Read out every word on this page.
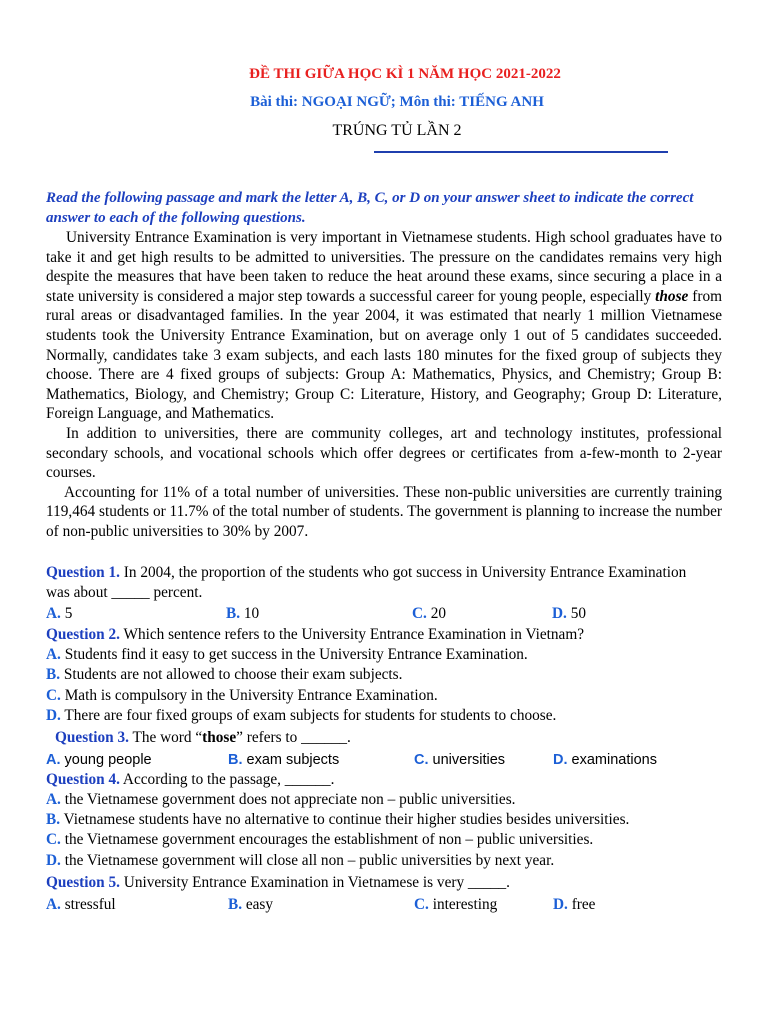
ĐỀ THI GIỮA HỌC KÌ 1 NĂM HỌC 2021-2022
Bài thi: NGOẠI NGỮ; Môn thi: TIẾNG ANH
TRÚNG TỦ LẦN 2
Read the following passage and mark the letter A, B, C, or D on your answer sheet to indicate the correct answer to each of the following questions.

University Entrance Examination is very important in Vietnamese students. High school graduates have to take it and get high results to be admitted to universities. The pressure on the candidates remains very high despite the measures that have been taken to reduce the heat around these exams, since securing a place in a state university is considered a major step towards a successful career for young people, especially those from rural areas or disadvantaged families. In the year 2004, it was estimated that nearly 1 million Vietnamese students took the University Entrance Examination, but on average only 1 out of 5 candidates succeeded. Normally, candidates take 3 exam subjects, and each lasts 180 minutes for the fixed group of subjects they choose. There are 4 fixed groups of subjects: Group A: Mathematics, Physics, and Chemistry; Group B: Mathematics, Biology, and Chemistry; Group C: Literature, History, and Geography; Group D: Literature, Foreign Language, and Mathematics.

In addition to universities, there are community colleges, art and technology institutes, professional secondary schools, and vocational schools which offer degrees or certificates from a-few-month to 2-year courses.

Accounting for 11% of a total number of universities. These non-public universities are currently training 119,464 students or 11.7% of the total number of students. The government is planning to increase the number of non-public universities to 30% by 2007.

Question 1. In 2004, the proportion of the students who got success in University Entrance Examination
was about _____ percent.
A. 5	B. 10	C. 20	D. 50
Question 2. Which sentence refers to the University Entrance Examination in Vietnam?
A. Students find it easy to get success in the University Entrance Examination.
B. Students are not allowed to choose their exam subjects.
C. Math is compulsory in the University Entrance Examination.
D. There are four fixed groups of exam subjects for students for students to choose.
Question 3. The word “those” refers to ______.
A. young people	B. exam subjects	C. universities	D. examinations
Question 4. According to the passage, ______.
A. the Vietnamese government does not appreciate non – public universities.
B. Vietnamese students have no alternative to continue their higher studies besides universities.
C. the Vietnamese government encourages the establishment of non – public universities.
D. the Vietnamese government will close all non – public universities by next year.
Question 5. University Entrance Examination in Vietnamese is very _____.
A. stressful	B. easy	C. interesting	D. free
